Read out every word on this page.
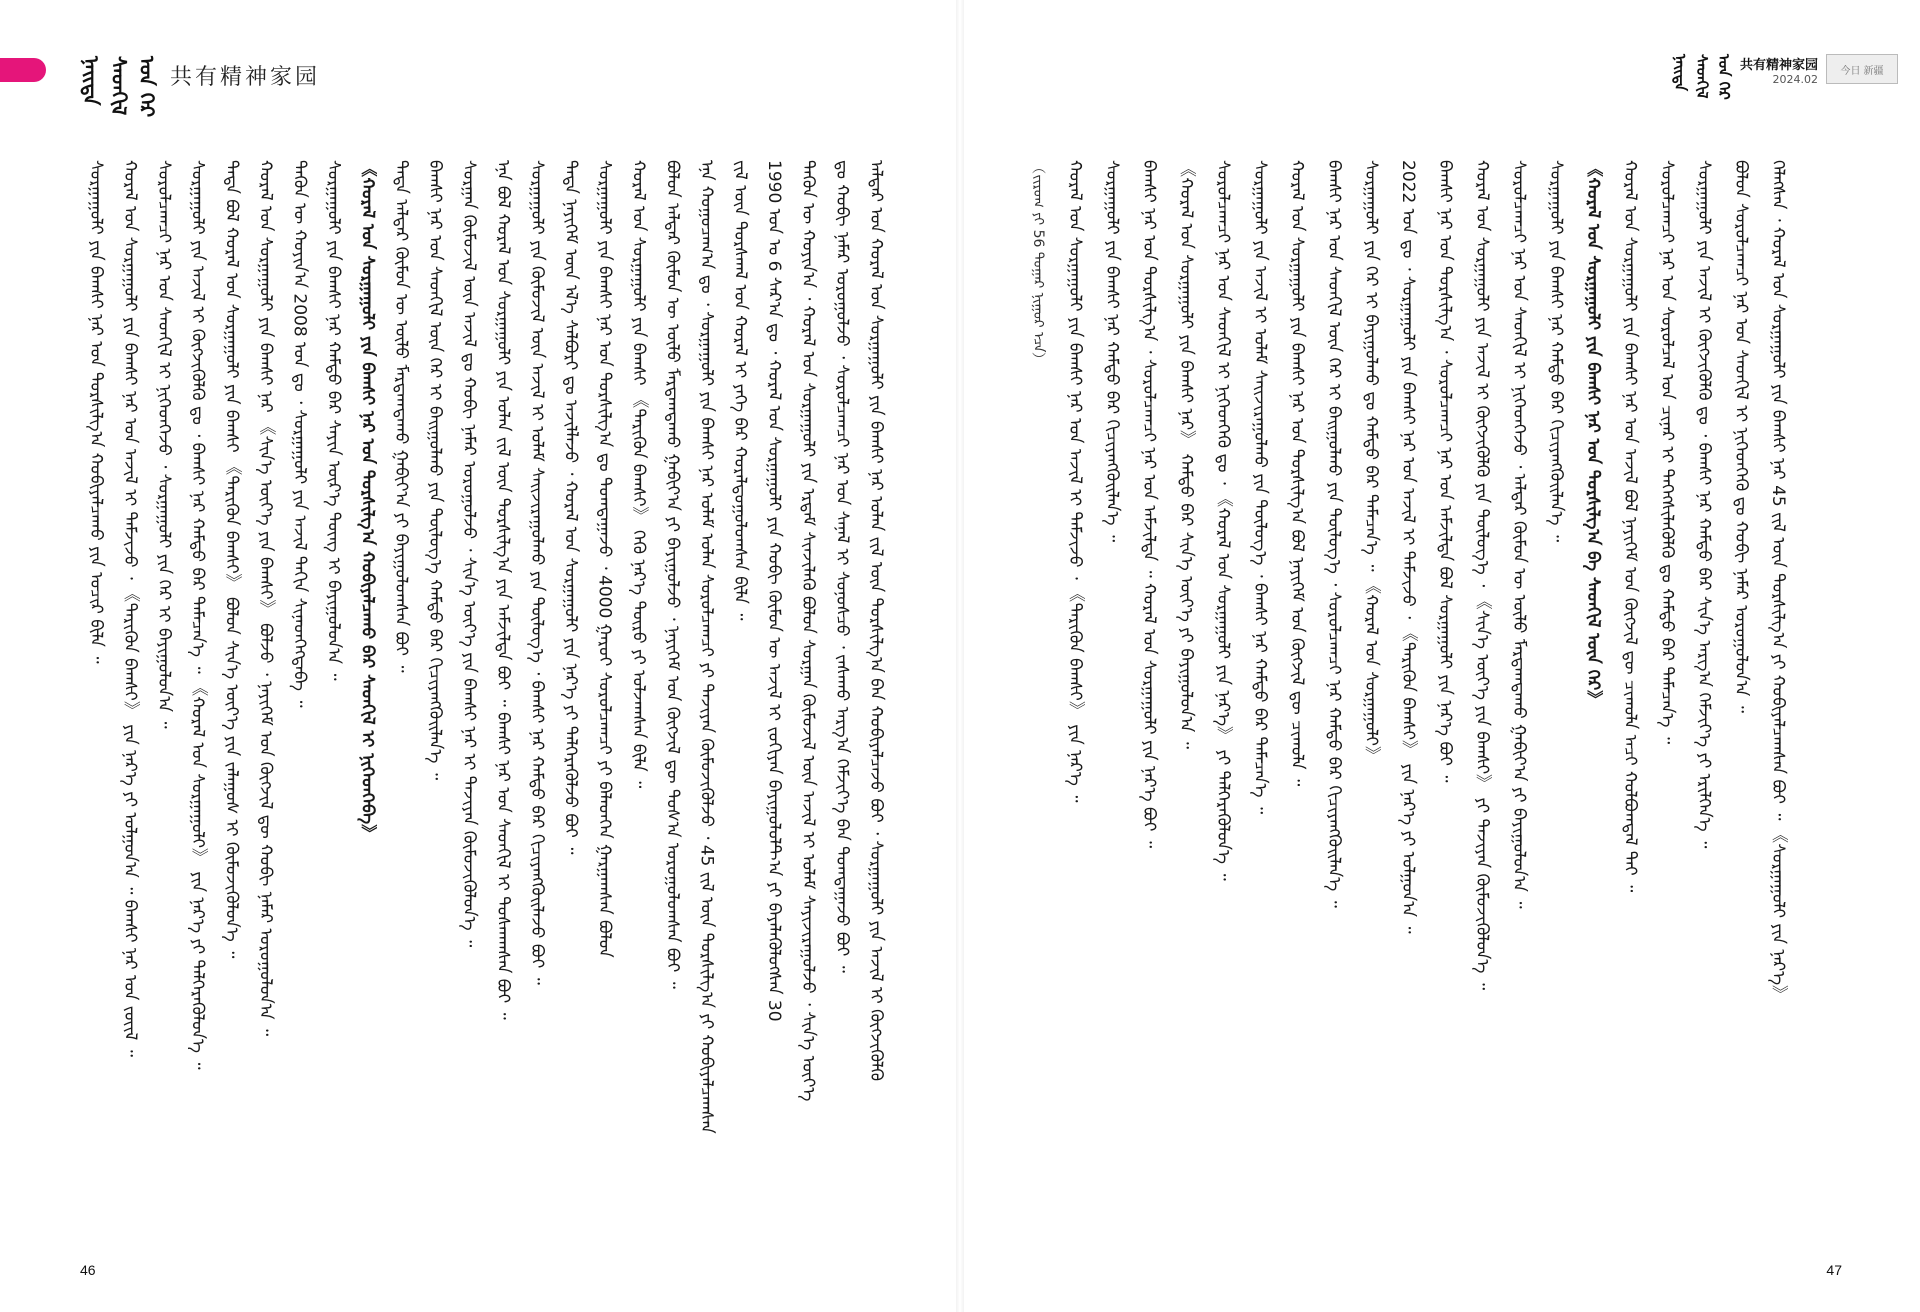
ᠨᠡᠢᠲᠡ ᠰᠡᠳᠬᠢᠯ ᠤᠨ ᠭᠡᠷ 共有精神家园	ᠨᠡᠢᠲᠡ ᠰᠡᠳᠬᠢᠯ ᠤᠨ ᠭᠡᠷ 共有精神家园
2024.02
今日 新疆
ᠠᠯᠳᠠᠷ ᠤᠨ ᠬᠤᠷᠠᠯ ᠤᠨ ᠰᠤᠷᠭᠠᠭᠤᠯᠢ ᠶᠢᠨ ᠪᠠᠭᠰᠢ ᠨᠠᠷ ᠣᠯᠠᠨ ᠵᠢᠯ ᠦᠨ ᠲᠤᠷᠰᠢᠯᠭ᠎ᠠ ᠪᠠᠨ ᠬᠤᠪᠢᠶᠠᠯᠴᠠᠵᠤ ᠪᠣᠢ ᠂ ᠰᠤᠷᠭᠠᠭᠤᠯᠢ ᠶᠢᠨ ᠠᠵᠢᠯ ᠢ ᠬᠥᠭᠵᠢᠭᠦᠯᠬᠦ
ᠳᠤ ᠬᠤᠪᠢ ᠨᠡᠮᠡᠷ ᠣᠷᠤᠭᠤᠯᠵᠤ ᠂ ᠰᠤᠷᠤᠯᠴᠠᠭᠴᠢ ᠨᠠᠷ ᠤᠨ ᠰᠠᠨᠠᠯ ᠢ ᠰᠣᠨᠣᠰᠴᠤ ᠂ ᠵᠠᠰᠠᠬᠤ ᠠᠷᠭ᠎ᠠ ᠬᠡᠮᠵᠢᠶ᠎ᠡ ᠪᠠᠨ ᠲᠣᠭᠲᠠᠭᠠᠵᠤ ᠪᠣᠢ ᠃
ᠲᠡᠭᠦᠨ ᠦ ᠬᠣᠶᠢᠨ᠎ᠠ ᠂ ᠬᠤᠷᠠᠯ ᠤᠨ ᠰᠤᠷᠭᠠᠭᠤᠯᠢ ᠶᠢᠨ ᠡᠷᠳᠡᠮ ᠰᠢᠨᠵᠢᠯᠡᠬᠦ ᠪᠤᠯᠤᠨ ᠰᠤᠷᠭᠠᠨ ᠬᠦᠮᠦᠵᠢᠯ ᠦᠨ ᠠᠵᠢᠯ ᠢ ᠤᠯᠠᠮ ᠰᠠᠶᠢᠵᠢᠷᠠᠭᠤᠯᠵᠤ ᠂ ᠰᠢᠨ᠎ᠡ ᠦᠶ᠎ᠡ
1990 ᠣᠨ ᠤ 6 ᠰᠠᠷ᠎ᠠ ᠳᠤ ᠂ ᠬᠤᠷᠠᠯ ᠤᠨ ᠰᠤᠷᠭᠠᠭᠤᠯᠢ ᠶᠢᠨ ᠬᠤᠪᠢ ᠬᠦᠮᠦᠨ ᠦ ᠠᠵᠢᠯ ᠢ ᠵᠣᠬᠢᠶᠠᠨ ᠪᠠᠶᠢᠭᠤᠯᠤᠯᠲ᠎ᠠ ᠶᠢ ᠪᠡᠶᠡᠯᠡᠭᠦᠯᠦᠭᠰᠡᠨ 30
ᠵᠢᠯ ᠦᠨ ᠳᠤᠷᠰᠭᠠᠯ ᠤᠨ ᠬᠤᠷᠠᠯ ᠢ ᠶᠡᠬᠡ ᠪᠡᠷ ᠬᠤᠷᠠᠯᠳᠤᠭᠤᠯᠤᠭᠰᠠᠨ ᠪᠢᠯᠡ ᠃
ᠡᠨᠡ ᠬᠤᠭᠤᠴᠠᠭ᠎ᠠ ᠳᠤ ᠂ ᠰᠤᠷᠭᠠᠭᠤᠯᠢ ᠶᠢᠨ ᠪᠠᠭᠰᠢ ᠨᠠᠷ ᠤᠯᠠᠮ ᠣᠯᠠᠨ ᠰᠤᠷᠤᠯᠴᠠᠭᠴᠢ ᠶᠢ ᠲᠡᠵᠢᠶᠡᠨ ᠬᠦᠮᠦᠵᠢᠭᠦᠯᠵᠦ ᠂ 45 ᠵᠢᠯ ᠦᠨ ᠲᠤᠷᠰᠢᠯᠭ᠎ᠠ ᠶᠢ ᠬᠤᠪᠢᠶᠠᠯᠴᠠᠭᠰᠠᠨ
ᠪᠤᠯᠤᠨ ᠠᠯᠳᠠᠷ ᠬᠦᠮᠦᠨ ᠦ ᠦᠯᠦ ᠮᠠᠷᠳᠠᠭᠳᠠᠬᠤ ᠭᠠᠪᠢᠶ᠎ᠠ ᠶᠢ ᠪᠠᠶᠢᠭᠤᠯᠵᠤ ᠂ ᠨᠡᠶᠢᠭᠡᠮ ᠤᠨ ᠬᠥᠭᠵᠢᠯ ᠳᠦ ᠲᠤᠰ᠎ᠠ ᠣᠷᠣᠭᠤᠯᠤᠭᠰᠠᠨ ᠪᠣᠢ ᠃
ᠬᠤᠷᠠᠯ ᠤᠨ ᠰᠤᠷᠭᠠᠭᠤᠯᠢ ᠶᠢᠨ ᠪᠠᠭᠰᠢ 《ᠲᠡᠷᠢᠭᠦᠨ ᠪᠠᠭᠰᠢ》 ᠭᠡᠬᠦ ᠨᠡᠷ᠎ᠡ ᠲᠥᠷᠦ ᠶᠢ ᠣᠯᠵᠠᠭᠰᠠᠨ ᠪᠢᠯᠡ ᠃
ᠰᠤᠷᠭᠠᠭᠤᠯᠢ ᠶᠢᠨ ᠪᠠᠭᠰᠢ ᠨᠠᠷ ᠤᠨ ᠲᠤᠷᠰᠢᠯᠭ᠎ᠠ ᠳᠤ ᠲᠣᠭᠲᠠᠭᠠᠵᠤ ᠂ 4000 ᠭᠠᠷᠤᠢ ᠰᠤᠷᠤᠯᠴᠠᠭᠴᠢ ᠶᠢ ᠪᠡᠯᠡᠳᠬᠡᠨ ᠭᠠᠷᠭᠠᠭᠰᠠᠨ ᠪᠣᠯᠤᠨ
ᠲᠡᠳᠡ ᠨᠡᠶᠢᠭᠡᠮ ᠦᠨ ᠡᠯ᠎ᠡ ᠰᠠᠯᠪᠤᠷᠢ ᠳᠤ ᠠᠵᠢᠯᠯᠠᠵᠤ ᠂ ᠬᠤᠷᠠᠯ ᠤᠨ ᠰᠤᠷᠭᠠᠭᠤᠯᠢ ᠶᠢᠨ ᠨᠡᠷ᠎ᠡ ᠶᠢ ᠳᠡᠯᠭᠡᠷᠡᠭᠦᠯᠵᠦ ᠪᠣᠢ ᠃
ᠰᠤᠷᠭᠠᠭᠤᠯᠢ ᠶᠢᠨ ᠬᠦᠮᠦᠵᠢᠯ ᠦᠨ ᠠᠵᠢᠯ ᠢ ᠤᠯᠠᠮ ᠰᠠᠢᠵᠢᠷᠠᠭᠤᠯᠬᠤ ᠶᠢᠨ ᠲᠥᠯᠥᠭ᠎ᠡ ᠂ ᠪᠠᠭᠰᠢ ᠨᠠᠷ ᠬᠠᠮᠲᠤ ᠪᠠᠷ ᠬᠢᠴᠢᠶᠡᠩᠭᠦᠢᠯᠡᠵᠦ ᠪᠣᠢ ᠃
ᠡᠨᠡ ᠪᠣᠯ ᠬᠤᠷᠠᠯ ᠤᠨ ᠰᠤᠷᠭᠠᠭᠤᠯᠢ ᠶᠢᠨ ᠣᠯᠠᠨ ᠵᠢᠯ ᠦᠨ ᠲᠤᠷᠰᠢᠯᠭ᠎ᠠ ᠶᠢᠨ ᠠᠮᠵᠢᠯᠲᠠ ᠪᠣᠢ ᠃ ᠪᠠᠭᠰᠢ ᠨᠠᠷ ᠤᠨ ᠰᠡᠳᠬᠢᠯ ᠢ ᠲᠤᠰᠬᠠᠭᠰᠠᠨ ᠪᠣᠢ ᠃
ᠰᠤᠷᠭᠠᠨ ᠬᠦᠮᠦᠵᠢᠯ ᠦᠨ ᠠᠵᠢᠯ ᠳᠤ ᠬᠤᠪᠢ ᠨᠡᠮᠡᠷ ᠣᠷᠤᠭᠤᠯᠵᠤ ᠂ ᠰᠢᠨ᠎ᠡ ᠦᠶ᠎ᠡ ᠶᠢᠨ ᠪᠠᠭᠰᠢ ᠨᠠᠷ ᠢ ᠲᠡᠵᠢᠶᠡᠨ ᠬᠦᠮᠦᠵᠢᠭᠦᠯᠦᠨ᠎ᠡ ᠃
ᠪᠠᠭᠰᠢ ᠨᠠᠷ ᠤᠨ ᠰᠡᠳᠬᠢᠯ ᠦᠨ ᠭᠡᠷ ᠢ ᠪᠠᠢᠭᠤᠯᠬᠤ ᠶᠢᠨ ᠲᠥᠯᠥᠭ᠎ᠡ ᠬᠠᠮᠲᠤ ᠪᠠᠷ ᠬᠢᠴᠢᠶᠡᠩᠭᠦᠢᠯᠡᠨ᠎ᠡ ᠃
ᠲᠡᠳᠡ ᠠᠯᠳᠠᠷ ᠬᠦᠮᠦᠨ ᠦ ᠦᠯᠦ ᠮᠠᠷᠳᠠᠭᠳᠠᠬᠤ ᠭᠠᠪᠢᠶ᠎ᠠ ᠶᠢ ᠪᠠᠶᠢᠭᠤᠯᠤᠭᠰᠠᠨ ᠪᠣᠢ ᠃
《ᠬᠤᠷᠠᠯ ᠤᠨ ᠰᠤᠷᠭᠠᠭᠤᠯᠢ ᠶᠢᠨ ᠪᠠᠭᠰᠢ ᠨᠠᠷ ᠤᠨ ᠲᠤᠷᠰᠢᠯᠭ᠎ᠠ ᠬᠤᠪᠢᠶᠠᠯᠴᠠᠬᠤ ᠪᠠᠷ ᠰᠡᠳᠬᠢᠯ ᠢ ᠨᠢᠭᠡᠳᠬᠡᠪᠡ》
ᠰᠤᠷᠭᠠᠭᠤᠯᠢ ᠶᠢᠨ ᠪᠠᠭᠰᠢ ᠨᠠᠷ ᠬᠠᠮᠲᠤ ᠪᠠᠷ ᠰᠠᠶᠢᠨ ᠦᠷ᠎ᠡ ᠳᠦᠩ ᠢ ᠪᠠᠶᠢᠭᠤᠯᠤᠨ᠎ᠠ ᠃
ᠲᠡᠭᠦᠨ ᠦ ᠬᠣᠶᠢᠨ᠎ᠠ 2008 ᠣᠨ ᠳᠤ ᠂ ᠰᠤᠷᠭᠠᠭᠤᠯᠢ ᠶᠢᠨ ᠠᠵᠢᠯ ᠳᠠᠬᠢᠨ ᠰᠢᠨᠡᠳᠬᠡᠭᠳᠡᠪᠡ ᠃
ᠬᠤᠷᠠᠯ ᠤᠨ ᠰᠤᠷᠭᠠᠭᠤᠯᠢ ᠶᠢᠨ ᠪᠠᠭᠰᠢ ᠨᠠᠷ 《ᠰᠢᠨ᠎ᠡ ᠦᠶ᠎ᠡ ᠶᠢᠨ ᠪᠠᠭᠰᠢ》 ᠪᠣᠯᠵᠤ ᠂ ᠨᠡᠶᠢᠭᠡᠮ ᠤᠨ ᠬᠥᠭᠵᠢᠯ ᠳᠦ ᠬᠤᠪᠢ ᠨᠡᠮᠡᠷ ᠣᠷᠤᠭᠤᠯᠤᠨ᠎ᠠ ᠃
ᠲᠡᠳᠡ ᠪᠣᠯ ᠬᠤᠷᠠᠯ ᠤᠨ ᠰᠤᠷᠭᠠᠭᠤᠯᠢ ᠶᠢᠨ ᠪᠠᠭᠰᠢ 《ᠲᠡᠷᠢᠭᠦᠨ ᠪᠠᠭᠰᠢ》 ᠪᠣᠯᠤᠨ ᠰᠢᠨ᠎ᠡ ᠦᠶ᠎ᠡ ᠶᠢᠨ ᠵᠠᠯᠠᠭᠤᠰ ᠢ ᠬᠦᠮᠦᠵᠢᠭᠦᠯᠦᠨ᠎ᠡ ᠃
ᠰᠤᠷᠭᠠᠭᠤᠯᠢ ᠶᠢᠨ ᠠᠵᠢᠯ ᠢ ᠬᠥᠭᠵᠢᠭᠦᠯᠬᠦ ᠳᠤ ᠂ ᠪᠠᠭᠰᠢ ᠨᠠᠷ ᠬᠠᠮᠲᠤ ᠪᠠᠷ ᠲᠡᠮᠡᠴᠡᠨ᠎ᠡ ᠃ 《ᠬᠤᠷᠠᠯ ᠤᠨ ᠰᠤᠷᠭᠠᠭᠤᠯᠢ》 ᠶᠢᠨ ᠨᠡᠷ᠎ᠡ ᠶᠢ ᠳᠡᠯᠭᠡᠷᠡᠭᠦᠯᠦᠨ᠎ᠡ ᠃
ᠰᠤᠷᠤᠯᠴᠠᠭᠴᠢ ᠨᠠᠷ ᠤᠨ ᠰᠡᠳᠬᠢᠯ ᠢ ᠨᠢᠭᠡᠳᠬᠡᠵᠦ ᠂ ᠰᠤᠷᠭᠠᠭᠤᠯᠢ ᠶᠢᠨ ᠭᠡᠷ ᠢ ᠪᠠᠶᠢᠭᠤᠯᠤᠨ᠎ᠠ ᠃
ᠬᠤᠷᠠᠯ ᠤᠨ ᠰᠤᠷᠭᠠᠭᠤᠯᠢ ᠶᠢᠨ ᠪᠠᠭᠰᠢ ᠨᠠᠷ ᠤᠨ ᠠᠵᠢᠯ ᠢ ᠳᠡᠮᠵᠢᠵᠦ ᠂ 《ᠲᠡᠷᠢᠭᠦᠨ ᠪᠠᠭᠰᠢ》 ᠶᠢᠨ ᠨᠡᠷ᠎ᠡ ᠶᠢ ᠣᠯᠭᠤᠨ᠎ᠠ ᠃ ᠪᠠᠭᠰᠢ ᠨᠠᠷ ᠤᠨ ᠵᠦᠢᠯ ᠃
ᠰᠤᠷᠭᠠᠭᠤᠯᠢ ᠶᠢᠨ ᠪᠠᠭᠰᠢ ᠨᠠᠷ ᠤᠨ ᠲᠤᠷᠰᠢᠯᠭ᠎ᠠ ᠬᠤᠪᠢᠶᠠᠯᠴᠠᠬᠤ ᠶᠢᠨ ᠤᠴᠢᠷ ᠪᠢᠯᠡ ᠃	ᠭᠡᠯᠡᠭᠰᠡᠨ ᠂ ᠬᠤᠷᠠᠯ ᠤᠨ ᠰᠤᠷᠭᠠᠭᠤᠯᠢ ᠶᠢᠨ ᠪᠠᠭᠰᠢ ᠨᠠᠷ 45 ᠵᠢᠯ ᠦᠨ ᠲᠤᠷᠰᠢᠯᠭ᠎ᠠ ᠶᠢ ᠬᠤᠪᠢᠶᠠᠯᠴᠠᠭᠰᠠᠨ ᠪᠣᠢ ᠃ 《ᠰᠤᠷᠭᠠᠭᠤᠯᠢ ᠶᠢᠨ ᠨᠡᠷ᠎ᠡ》
ᠪᠣᠯᠤᠨ ᠰᠤᠷᠤᠯᠴᠠᠭᠴᠢ ᠨᠠᠷ ᠤᠨ ᠰᠡᠳᠬᠢᠯ ᠢ ᠨᠢᠭᠡᠳᠬᠡᠬᠦ ᠳᠤ ᠬᠤᠪᠢ ᠨᠡᠮᠡᠷ ᠣᠷᠤᠭᠤᠯᠤᠨ᠎ᠠ ᠃
ᠰᠤᠷᠭᠠᠭᠤᠯᠢ ᠶᠢᠨ ᠠᠵᠢᠯ ᠢ ᠬᠥᠭᠵᠢᠭᠦᠯᠬᠦ ᠳᠤ ᠂ ᠪᠠᠭᠰᠢ ᠨᠠᠷ ᠬᠠᠮᠲᠤ ᠪᠠᠷ ᠰᠢᠨ᠎ᠡ ᠠᠷᠭ᠎ᠠ ᠬᠡᠮᠵᠢᠶ᠎ᠡ ᠶᠢ ᠡᠷᠢᠯᠬᠡᠨ᠎ᠡ ᠃
ᠰᠤᠷᠤᠯᠴᠠᠭᠴᠢ ᠨᠠᠷ ᠤᠨ ᠰᠤᠷᠤᠯᠴᠠᠯ ᠤᠨ ᠴᠢᠨᠠᠷ ᠢ ᠳᠡᠭᠡᠭᠰᠢᠯᠡᠭᠦᠯᠬᠦ ᠳᠤ ᠬᠠᠮᠲᠤ ᠪᠠᠷ ᠲᠡᠮᠡᠴᠡᠨ᠎ᠡ ᠃
ᠬᠤᠷᠠᠯ ᠤᠨ ᠰᠤᠷᠭᠠᠭᠤᠯᠢ ᠶᠢᠨ ᠪᠠᠭᠰᠢ ᠨᠠᠷ ᠤᠨ ᠠᠵᠢᠯ ᠪᠣᠯ ᠨᠡᠶᠢᠭᠡᠮ ᠤᠨ ᠬᠥᠭᠵᠢᠯ ᠳᠦ ᠴᠢᠬᠤᠯᠠ ᠠᠴᠢ ᠬᠣᠯᠪᠣᠭᠳᠠᠯ ᠲᠠᠢ ᠃
《ᠬᠤᠷᠠᠯ ᠤᠨ ᠰᠤᠷᠭᠠᠭᠤᠯᠢ ᠶᠢᠨ ᠪᠠᠭᠰᠢ ᠨᠠᠷ ᠤᠨ ᠲᠤᠷᠰᠢᠯᠭ᠎ᠠ ᠪᠠ ᠰᠡᠳᠬᠢᠯ ᠦᠨ ᠭᠡᠷ》
ᠰᠤᠷᠭᠠᠭᠤᠯᠢ ᠶᠢᠨ ᠪᠠᠭᠰᠢ ᠨᠠᠷ ᠬᠠᠮᠲᠤ ᠪᠠᠷ ᠬᠢᠴᠢᠶᠡᠩᠭᠦᠢᠯᠡᠨ᠎ᠡ ᠃
ᠰᠤᠷᠤᠯᠴᠠᠭᠴᠢ ᠨᠠᠷ ᠤᠨ ᠰᠡᠳᠬᠢᠯ ᠢ ᠨᠢᠭᠡᠳᠬᠡᠵᠦ ᠂ ᠠᠯᠳᠠᠷ ᠬᠦᠮᠦᠨ ᠦ ᠦᠯᠦ ᠮᠠᠷᠳᠠᠭᠳᠠᠬᠤ ᠭᠠᠪᠢᠶ᠎ᠠ ᠶᠢ ᠪᠠᠶᠢᠭᠤᠯᠤᠨ᠎ᠠ ᠃
ᠬᠤᠷᠠᠯ ᠤᠨ ᠰᠤᠷᠭᠠᠭᠤᠯᠢ ᠶᠢᠨ ᠠᠵᠢᠯ ᠢ ᠬᠥᠭᠵᠢᠭᠦᠯᠬᠦ ᠶᠢᠨ ᠲᠥᠯᠥᠭ᠎ᠡ ᠂ 《ᠰᠢᠨ᠎ᠡ ᠦᠶ᠎ᠡ ᠶᠢᠨ ᠪᠠᠭᠰᠢ》 ᠶᠢ ᠲᠡᠵᠢᠶᠡᠨ ᠬᠦᠮᠦᠵᠢᠭᠦᠯᠦᠨ᠎ᠡ ᠃
ᠪᠠᠭᠰᠢ ᠨᠠᠷ ᠤᠨ ᠲᠤᠷᠰᠢᠯᠭ᠎ᠠ ᠂ ᠰᠤᠷᠤᠯᠴᠠᠭᠴᠢ ᠨᠠᠷ ᠤᠨ ᠠᠮᠵᠢᠯᠲᠠ ᠪᠣᠯ ᠰᠤᠷᠭᠠᠭᠤᠯᠢ ᠶᠢᠨ ᠨᠡᠷ᠎ᠡ ᠪᠣᠢ ᠃
2022 ᠣᠨ ᠳᠤ ᠂ ᠰᠤᠷᠭᠠᠭᠤᠯᠢ ᠶᠢᠨ ᠪᠠᠭᠰᠢ ᠨᠠᠷ ᠤᠨ ᠠᠵᠢᠯ ᠢ ᠳᠡᠮᠵᠢᠵᠦ ᠂ 《ᠲᠡᠷᠢᠭᠦᠨ ᠪᠠᠭᠰᠢ》 ᠶᠢᠨ ᠨᠡᠷ᠎ᠡ ᠶᠢ ᠣᠯᠭᠤᠨ᠎ᠠ ᠃
ᠰᠤᠷᠭᠠᠭᠤᠯᠢ ᠶᠢᠨ ᠭᠡᠷ ᠢ ᠪᠠᠶᠢᠭᠤᠯᠬᠤ ᠳᠤ ᠬᠠᠮᠲᠤ ᠪᠠᠷ ᠲᠡᠮᠡᠴᠡᠨ᠎ᠡ ᠃ 《ᠬᠤᠷᠠᠯ ᠤᠨ ᠰᠤᠷᠭᠠᠭᠤᠯᠢ》
ᠪᠠᠭᠰᠢ ᠨᠠᠷ ᠤᠨ ᠰᠡᠳᠬᠢᠯ ᠦᠨ ᠭᠡᠷ ᠢ ᠪᠠᠢᠭᠤᠯᠬᠤ ᠶᠢᠨ ᠲᠥᠯᠥᠭ᠎ᠡ ᠂ ᠰᠤᠷᠤᠯᠴᠠᠭᠴᠢ ᠨᠠᠷ ᠬᠠᠮᠲᠤ ᠪᠠᠷ ᠬᠢᠴᠢᠶᠡᠩᠭᠦᠢᠯᠡᠨ᠎ᠡ ᠃
ᠬᠤᠷᠠᠯ ᠤᠨ ᠰᠤᠷᠭᠠᠭᠤᠯᠢ ᠶᠢᠨ ᠪᠠᠭᠰᠢ ᠨᠠᠷ ᠤᠨ ᠲᠤᠷᠰᠢᠯᠭ᠎ᠠ ᠪᠣᠯ ᠨᠡᠶᠢᠭᠡᠮ ᠤᠨ ᠬᠥᠭᠵᠢᠯ ᠳᠦ ᠴᠢᠬᠤᠯᠠ ᠃
ᠰᠤᠷᠭᠠᠭᠤᠯᠢ ᠶᠢᠨ ᠠᠵᠢᠯ ᠢ ᠤᠯᠠᠮ ᠰᠠᠢᠵᠢᠷᠠᠭᠤᠯᠬᠤ ᠶᠢᠨ ᠲᠥᠯᠥᠭ᠎ᠡ ᠂ ᠪᠠᠭᠰᠢ ᠨᠠᠷ ᠬᠠᠮᠲᠤ ᠪᠠᠷ ᠲᠡᠮᠡᠴᠡᠨ᠎ᠡ ᠃
ᠰᠤᠷᠤᠯᠴᠠᠭᠴᠢ ᠨᠠᠷ ᠤᠨ ᠰᠡᠳᠬᠢᠯ ᠢ ᠨᠢᠭᠡᠳᠬᠡᠬᠦ ᠳᠤ ᠂ 《ᠬᠤᠷᠠᠯ ᠤᠨ ᠰᠤᠷᠭᠠᠭᠤᠯᠢ ᠶᠢᠨ ᠨᠡᠷ᠎ᠡ》 ᠶᠢ ᠳᠡᠯᠭᠡᠷᠡᠭᠦᠯᠦᠨ᠎ᠡ ᠃
《ᠬᠤᠷᠠᠯ ᠤᠨ ᠰᠤᠷᠭᠠᠭᠤᠯᠢ ᠶᠢᠨ ᠪᠠᠭᠰᠢ ᠨᠠᠷ》 ᠬᠠᠮᠲᠤ ᠪᠠᠷ ᠰᠢᠨ᠎ᠡ ᠦᠶ᠎ᠡ ᠶᠢ ᠪᠠᠶᠢᠭᠤᠯᠤᠨ᠎ᠠ ᠃
ᠪᠠᠭᠰᠢ ᠨᠠᠷ ᠤᠨ ᠲᠤᠷᠰᠢᠯᠭ᠎ᠠ ᠂ ᠰᠤᠷᠤᠯᠴᠠᠭᠴᠢ ᠨᠠᠷ ᠤᠨ ᠠᠮᠵᠢᠯᠲᠠ ᠃ ᠬᠤᠷᠠᠯ ᠤᠨ ᠰᠤᠷᠭᠠᠭᠤᠯᠢ ᠶᠢᠨ ᠨᠡᠷ᠎ᠡ ᠪᠣᠢ ᠃
ᠰᠤᠷᠭᠠᠭᠤᠯᠢ ᠶᠢᠨ ᠪᠠᠭᠰᠢ ᠨᠠᠷ ᠬᠠᠮᠲᠤ ᠪᠠᠷ ᠬᠢᠴᠢᠶᠡᠩᠭᠦᠢᠯᠡᠨ᠎ᠡ ᠃
ᠬᠤᠷᠠᠯ ᠤᠨ ᠰᠤᠷᠭᠠᠭᠤᠯᠢ ᠶᠢᠨ ᠪᠠᠭᠰᠢ ᠨᠠᠷ ᠤᠨ ᠠᠵᠢᠯ ᠢ ᠳᠡᠮᠵᠢᠵᠦ ᠂ 《ᠲᠡᠷᠢᠭᠦᠨ ᠪᠠᠭᠰᠢ》 ᠶᠢᠨ ᠨᠡᠷ᠎ᠡ ᠃
（ᠵᠢᠷᠤᠭ ᠶᠢ 56 ᠳᠤᠭᠠᠷ ᠨᠢᠭᠤᠷ ᠡᠴᠡ）
46	47
